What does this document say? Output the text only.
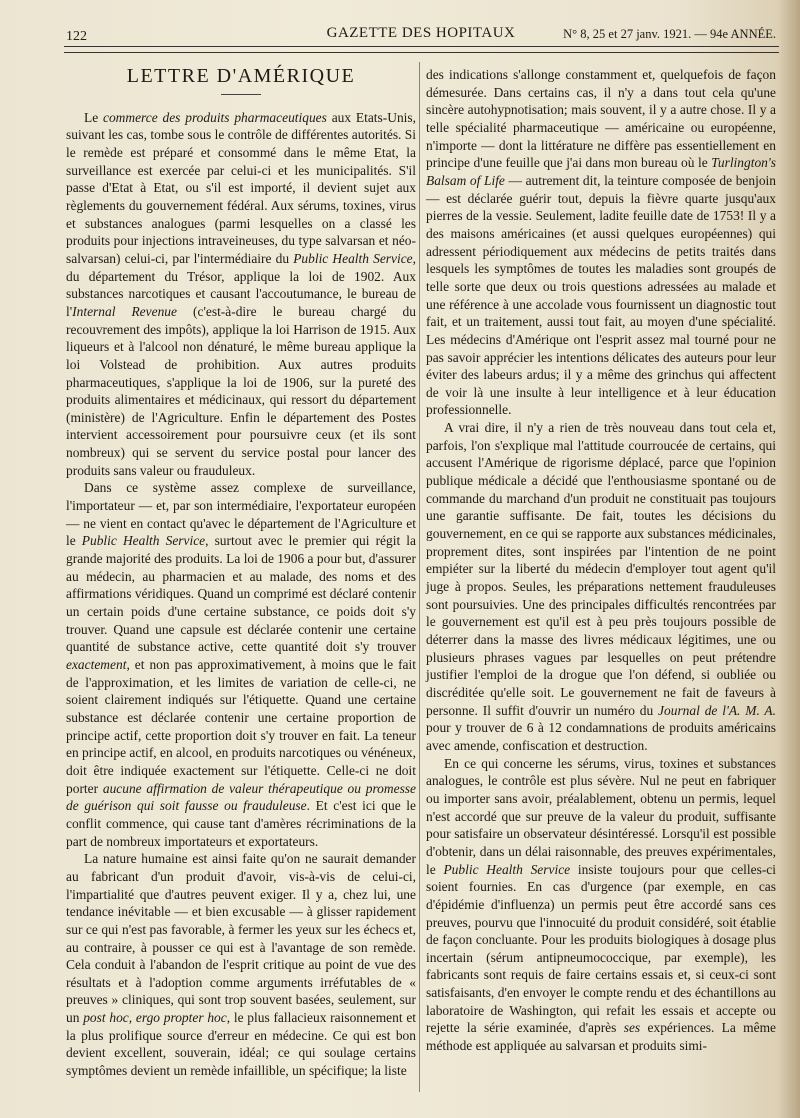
122	GAZETTE DES HOPITAUX	N° 8, 25 et 27 janv. 1921. — 94e ANNÉE.
LETTRE D'AMÉRIQUE

Le commerce des produits pharmaceutiques aux Etats-Unis, suivant les cas, tombe sous le contrôle de différentes autorités. Si le remède est préparé et consommé dans le même Etat, la surveillance est exercée par celui-ci et les municipalités. S'il passe d'Etat à Etat, ou s'il est importé, il devient sujet aux règlements du gouvernement fédéral. Aux sérums, toxines, virus et substances analogues (parmi lesquelles on a classé les produits pour injections intraveineuses, du type salvarsan et néo-salvarsan) celui-ci, par l'intermédiaire du Public Health Service, du département du Trésor, applique la loi de 1902. Aux substances narcotiques et causant l'accoutumance, le bureau de l'Internal Revenue (c'est-à-dire le bureau chargé du recouvrement des impôts), applique la loi Harrison de 1915. Aux liqueurs et à l'alcool non dénaturé, le même bureau applique la loi Volstead de prohibition. Aux autres produits pharmaceutiques, s'applique la loi de 1906, sur la pureté des produits alimentaires et médicinaux, qui ressort du département (ministère) de l'Agriculture. Enfin le département des Postes intervient accessoirement pour poursuivre ceux (et ils sont nombreux) qui se servent du service postal pour lancer des produits sans valeur ou frauduleux.

Dans ce système assez complexe de surveillance, l'importateur — et, par son intermédiaire, l'exportateur européen — ne vient en contact qu'avec le département de l'Agriculture et le Public Health Service, surtout avec le premier qui régit la grande majorité des produits. La loi de 1906 a pour but, d'assurer au médecin, au pharmacien et au malade, des noms et des affirmations véridiques. Quand un comprimé est déclaré contenir un certain poids d'une certaine substance, ce poids doit s'y trouver. Quand une capsule est déclarée contenir une certaine quantité de substance active, cette quantité doit s'y trouver exactement, et non pas approximativement, à moins que le fait de l'approximation, et les limites de variation de celle-ci, ne soient clairement indiqués sur l'étiquette. Quand une certaine substance est déclarée contenir une certaine proportion de principe actif, cette proportion doit s'y trouver en fait. La teneur en principe actif, en alcool, en produits narcotiques ou vénéneux, doit être indiquée exactement sur l'étiquette. Celle-ci ne doit porter aucune affirmation de valeur thérapeutique ou promesse de guérison qui soit fausse ou frauduleuse. Et c'est ici que le conflit commence, qui cause tant d'amères récriminations de la part de nombreux importateurs et exportateurs.

La nature humaine est ainsi faite qu'on ne saurait demander au fabricant d'un produit d'avoir, vis-à-vis de celui-ci, l'impartialité que d'autres peuvent exiger. Il y a, chez lui, une tendance inévitable — et bien excusable — à glisser rapidement sur ce qui n'est pas favorable, à fermer les yeux sur les échecs et, au contraire, à pousser ce qui est à l'avantage de son remède. Cela conduit à l'abandon de l'esprit critique au point de vue des résultats et à l'adoption comme arguments irréfutables de « preuves » cliniques, qui sont trop souvent basées, seulement, sur un post hoc, ergo propter hoc, le plus fallacieux raisonnement et la plus prolifique source d'erreur en médecine. Ce qui est bon devient excellent, souverain, idéal; ce qui soulage certains symptômes devient un remède infaillible, un spécifique; la liste

des indications s'allonge constamment et, quelquefois de façon démesurée. Dans certains cas, il n'y a dans tout cela qu'une sincère autohypnotisation; mais souvent, il y a autre chose. Il y a telle spécialité pharmaceutique — américaine ou européenne, n'importe — dont la littérature ne diffère pas essentiellement en principe d'une feuille que j'ai dans mon bureau où le Turlington's Balsam of Life — autrement dit, la teinture composée de benjoin — est déclarée guérir tout, depuis la fièvre quarte jusqu'aux pierres de la vessie. Seulement, ladite feuille date de 1753! Il y a des maisons américaines (et aussi quelques européennes) qui adressent périodiquement aux médecins de petits traités dans lesquels les symptômes de toutes les maladies sont groupés de telle sorte que deux ou trois questions adressées au malade et une référence à une accolade vous fournissent un diagnostic tout fait, et un traitement, aussi tout fait, au moyen d'une spécialité. Les médecins d'Amérique ont l'esprit assez mal tourné pour ne pas savoir apprécier les intentions délicates des auteurs pour leur éviter des labeurs ardus; il y a même des grinchus qui affectent de voir là une insulte à leur intelligence et à leur éducation professionnelle.

A vrai dire, il n'y a rien de très nouveau dans tout cela et, parfois, l'on s'explique mal l'attitude courroucée de certains, qui accusent l'Amérique de rigorisme déplacé, parce que l'opinion publique médicale a décidé que l'enthousiasme spontané ou de commande du marchand d'un produit ne constituait pas toujours une garantie suffisante. De fait, toutes les décisions du gouvernement, en ce qui se rapporte aux substances médicinales, proprement dites, sont inspirées par l'intention de ne point empiéter sur la liberté du médecin d'employer tout agent qu'il juge à propos. Seules, les préparations nettement frauduleuses sont poursuivies. Une des principales difficultés rencontrées par le gouvernement est qu'il est à peu près toujours possible de déterrer dans la masse des livres médicaux légitimes, une ou plusieurs phrases vagues par lesquelles on peut prétendre justifier l'emploi de la drogue que l'on défend, si oubliée ou discréditée qu'elle soit. Le gouvernement ne fait de faveurs à personne. Il suffit d'ouvrir un numéro du Journal de l'A. M. A. pour y trouver de 6 à 12 condamnations de produits américains avec amende, confiscation et destruction.

En ce qui concerne les sérums, virus, toxines et substances analogues, le contrôle est plus sévère. Nul ne peut en fabriquer ou importer sans avoir, préalablement, obtenu un permis, lequel n'est accordé que sur preuve de la valeur du produit, suffisante pour satisfaire un observateur désintéressé. Lorsqu'il est possible d'obtenir, dans un délai raisonnable, des preuves expérimentales, le Public Health Service insiste toujours pour que celles-ci soient fournies. En cas d'urgence (par exemple, en cas d'épidémie d'influenza) un permis peut être accordé sans ces preuves, pourvu que l'innocuité du produit considéré, soit établie de façon concluante. Pour les produits biologiques à dosage plus incertain (sérum antipneumococcique, par exemple), les fabricants sont requis de faire certains essais et, si ceux-ci sont satisfaisants, d'en envoyer le compte rendu et des échantillons au laboratoire de Washington, qui refait les essais et accepte ou rejette la série examinée, d'après ses expériences. La même méthode est appliquée au salvarsan et produits simi-
